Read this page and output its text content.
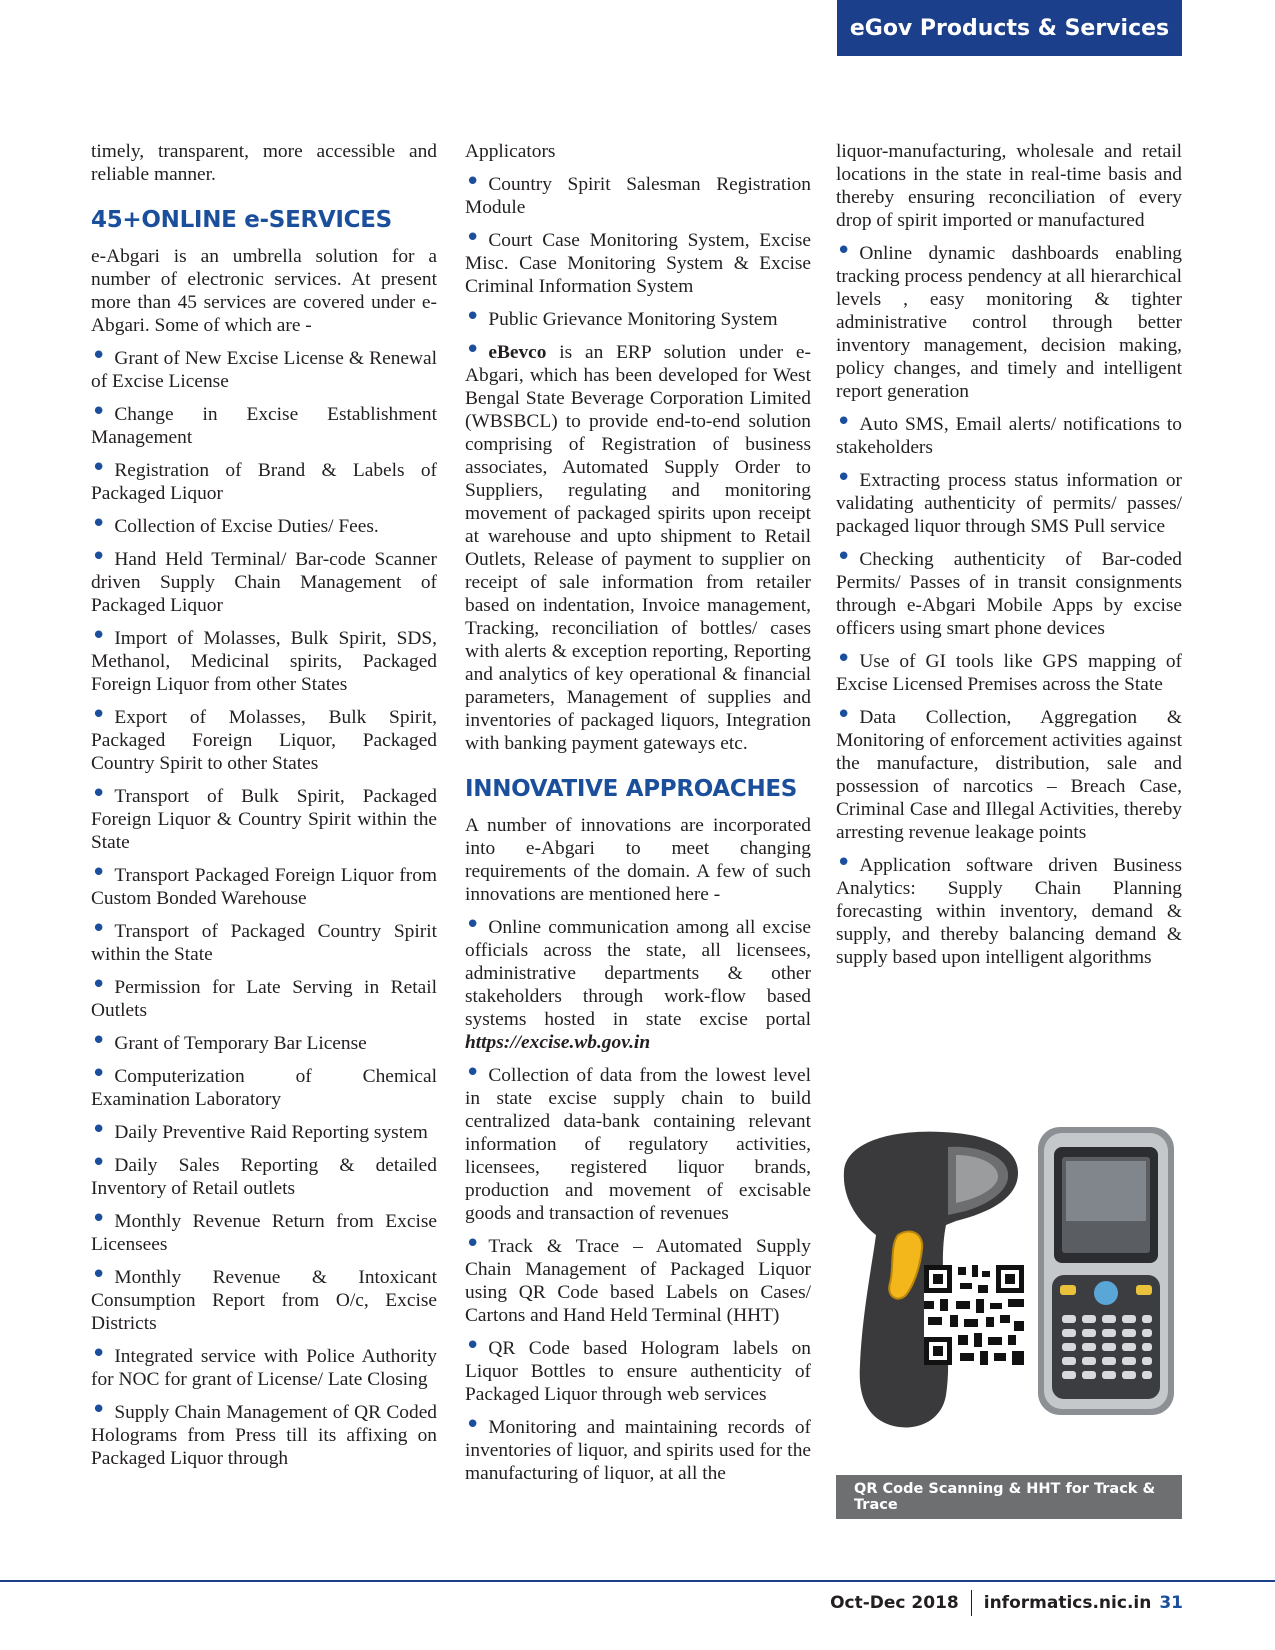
eGov Products & Services

timely, transparent, more accessible and reliable manner.

45+ONLINE e-SERVICES

e-Abgari is an umbrella solution for a number of electronic services. At present more than 45 services are covered under e-Abgari. Some of which are -

• Grant of New Excise License & Renewal of Excise License
• Change in Excise Establishment Management
• Registration of Brand & Labels of Packaged Liquor
• Collection of Excise Duties/ Fees.
• Hand Held Terminal/ Bar-code Scanner driven Supply Chain Management of Packaged Liquor
• Import of Molasses, Bulk Spirit, SDS, Methanol, Medicinal spirits, Packaged Foreign Liquor from other States
• Export of Molasses, Bulk Spirit, Packaged Foreign Liquor, Packaged Country Spirit to other States
• Transport of Bulk Spirit, Packaged Foreign Liquor & Country Spirit within the State
• Transport Packaged Foreign Liquor from Custom Bonded Warehouse
• Transport of Packaged Country Spirit within the State
• Permission for Late Serving in Retail Outlets
• Grant of Temporary Bar License
• Computerization of Chemical Examination Laboratory
• Daily Preventive Raid Reporting system
• Daily Sales Reporting & detailed Inventory of Retail outlets
• Monthly Revenue Return from Excise Licensees
• Monthly Revenue & Intoxicant Consumption Report from O/c, Excise Districts
• Integrated service with Police Authority for NOC for grant of License/ Late Closing
• Supply Chain Management of QR Coded Holograms from Press till its affixing on Packaged Liquor through

Applicators

• Country Spirit Salesman Registration Module
• Court Case Monitoring System, Excise Misc. Case Monitoring System & Excise Criminal Information System
• Public Grievance Monitoring System
• eBevco is an ERP solution under e-Abgari, which has been developed for West Bengal State Beverage Corporation Limited (WBSBCL) to provide end-to-end solution comprising of Registration of business associates, Automated Supply Order to Suppliers, regulating and monitoring movement of packaged spirits upon receipt at warehouse and upto shipment to Retail Outlets, Release of payment to supplier on receipt of sale information from retailer based on indentation, Invoice management, Tracking, reconciliation of bottles/ cases with alerts & exception reporting, Reporting and analytics of key operational & financial parameters, Management of supplies and inventories of packaged liquors, Integration with banking payment gateways etc.
INNOVATIVE APPROACHES

A number of innovations are incorporated into e-Abgari to meet changing requirements of the domain. A few of such innovations are mentioned here -

• Online communication among all excise officials across the state, all licensees, administrative departments & other stakeholders through work-flow based systems hosted in state excise portal https://excise.wb.gov.in
• Collection of data from the lowest level in state excise supply chain to build centralized data-bank containing relevant information of regulatory activities, licensees, registered liquor brands, production and movement of excisable goods and transaction of revenues
• Track & Trace – Automated Supply Chain Management of Packaged Liquor using QR Code based Labels on Cases/ Cartons and Hand Held Terminal (HHT)
• QR Code based Hologram labels on Liquor Bottles to ensure authenticity of Packaged Liquor through web services
• Monitoring and maintaining records of inventories of liquor, and spirits used for the manufacturing of liquor, at all the

liquor-manufacturing, wholesale and retail locations in the state in real-time basis and thereby ensuring reconciliation of every drop of spirit imported or manufactured

• Online dynamic dashboards enabling tracking process pendency at all hierarchical levels , easy monitoring & tighter administrative control through better inventory management, decision making, policy changes, and timely and intelligent report generation
• Auto SMS, Email alerts/ notifications to stakeholders
• Extracting process status information or validating authenticity of permits/ passes/ packaged liquor through SMS Pull service
• Checking authenticity of Bar-coded Permits/ Passes of in transit consignments through e-Abgari Mobile Apps by excise officers using smart phone devices
• Use of GI tools like GPS mapping of Excise Licensed Premises across the State
• Data Collection, Aggregation & Monitoring of enforcement activities against the manufacture, distribution, sale and possession of narcotics – Breach Case, Criminal Case and Illegal Activities, thereby arresting revenue leakage points
• Application software driven Business Analytics: Supply Chain Planning forecasting within inventory, demand & supply, and thereby balancing demand & supply based upon intelligent algorithms
QR Code Scanning & HHT for Track & Trace
Oct-Dec 2018 informatics.nic.in 31
